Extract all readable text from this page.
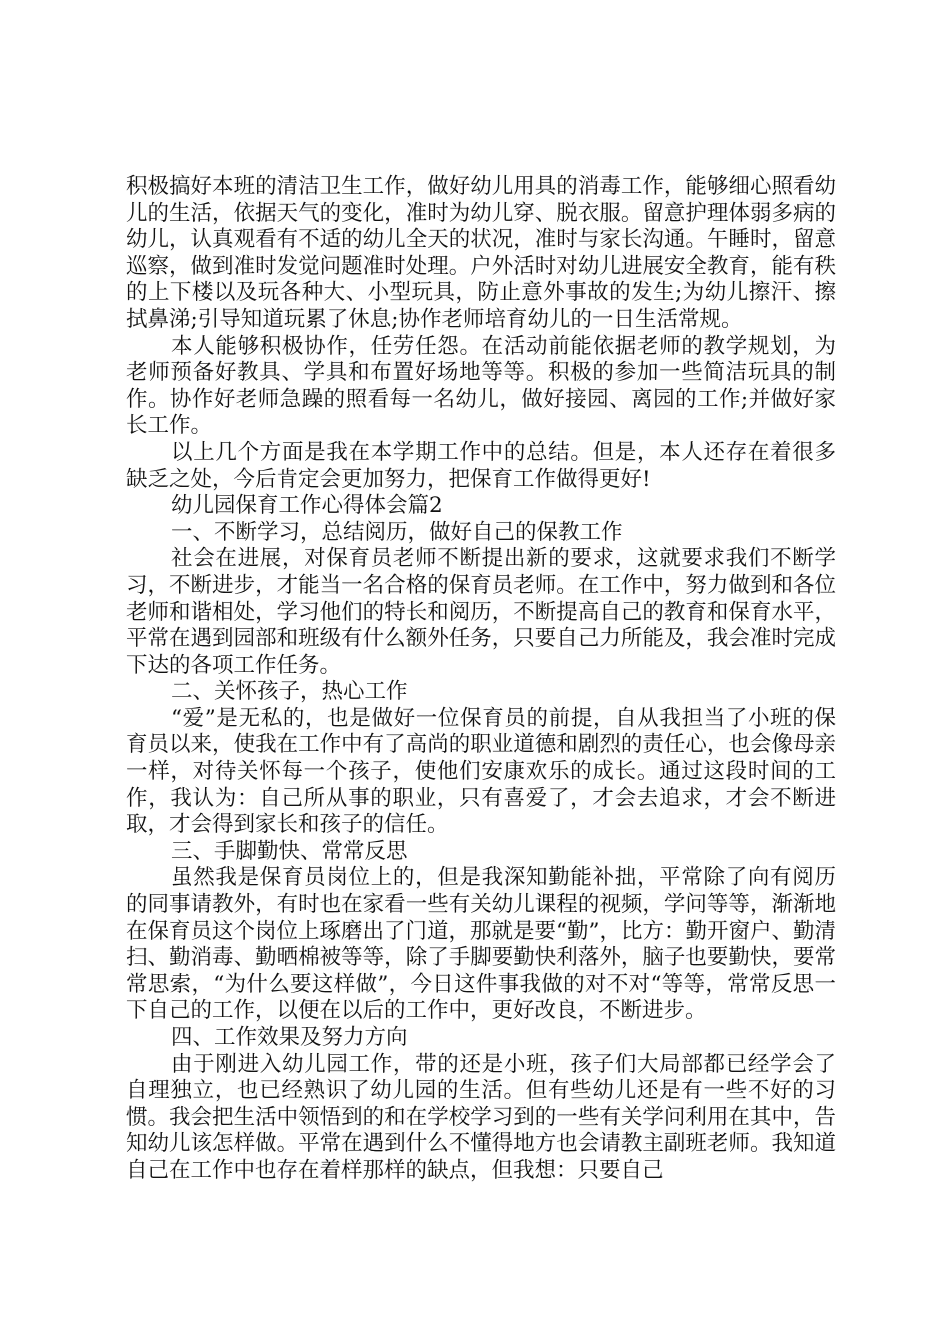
积极搞好本班的清洁卫生工作，做好幼儿用具的消毒工作，能够细心照看幼儿的生活，依据天气的变化，准时为幼儿穿、脱衣服。留意护理体弱多病的幼儿，认真观看有不适的幼儿全天的状况，准时与家长沟通。午睡时，留意巡察，做到准时发觉问题准时处理。户外活时对幼儿进展安全教育，能有秩的上下楼以及玩各种大、小型玩具，防止意外事故的发生;为幼儿擦汗、擦拭鼻涕;引导知道玩累了休息;协作老师培育幼儿的一日生活常规。

本人能够积极协作，任劳任怨。在活动前能依据老师的教学规划，为老师预备好教具、学具和布置好场地等等。积极的参加一些简洁玩具的制作。协作好老师急躁的照看每一名幼儿，做好接园、离园的工作;并做好家长工作。

以上几个方面是我在本学期工作中的总结。但是，本人还存在着很多缺乏之处，今后肯定会更加努力，把保育工作做得更好!

幼儿园保育工作心得体会篇2

一、不断学习，总结阅历，做好自己的保教工作

社会在进展，对保育员老师不断提出新的要求，这就要求我们不断学习，不断进步，才能当一名合格的保育员老师。在工作中，努力做到和各位老师和谐相处，学习他们的特长和阅历，不断提高自己的教育和保育水平，平常在遇到园部和班级有什么额外任务，只要自己力所能及，我会准时完成下达的各项工作任务。

二、关怀孩子，热心工作

“爱”是无私的，也是做好一位保育员的前提，自从我担当了小班的保育员以来，使我在工作中有了高尚的职业道德和剧烈的责任心，也会像母亲一样，对待关怀每一个孩子，使他们安康欢乐的成长。通过这段时间的工作，我认为：自己所从事的职业，只有喜爱了，才会去追求，才会不断进取，才会得到家长和孩子的信任。

三、手脚勤快、常常反思

虽然我是保育员岗位上的，但是我深知勤能补拙，平常除了向有阅历的同事请教外，有时也在家看一些有关幼儿课程的视频，学问等等，渐渐地在保育员这个岗位上琢磨出了门道，那就是要“勤”，比方：勤开窗户、勤清扫、勤消毒、勤晒棉被等等，除了手脚要勤快利落外，脑子也要勤快，要常常思索，“为什么要这样做”，今日这件事我做的对不对“等等，常常反思一下自己的工作，以便在以后的工作中，更好改良，不断进步。

四、工作效果及努力方向

由于刚进入幼儿园工作，带的还是小班，孩子们大局部都已经学会了自理独立，也已经熟识了幼儿园的生活。但有些幼儿还是有一些不好的习惯。我会把生活中领悟到的和在学校学习到的一些有关学问利用在其中，告知幼儿该怎样做。平常在遇到什么不懂得地方也会请教主副班老师。我知道自己在工作中也存在着样那样的缺点，但我想：只要自己
